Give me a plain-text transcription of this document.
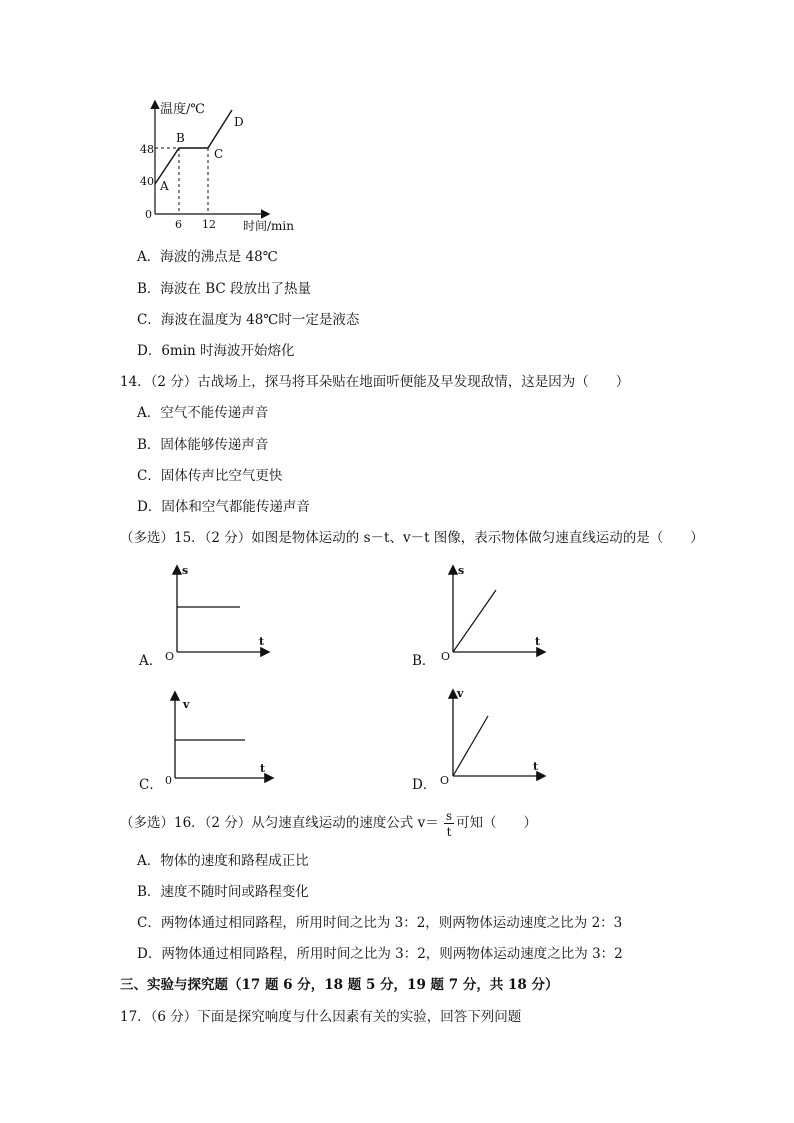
温度/℃
48
40
0
6 12 时间/min
A
B
C
D
A．海波的沸点是 48℃
B．海波在 BC 段放出了热量
C．海波在温度为 48℃时一定是液态
D．6min 时海波开始熔化
14．（2 分）古战场上，探马将耳朵贴在地面听便能及早发现敌情，这是因为（　　）
A．空气不能传递声音
B．固体能够传递声音
C．固体传声比空气更快
D．固体和空气都能传递声音
（多选）15．（2 分）如图是物体运动的 s－t、v－t 图像，表示物体做匀速直线运动的是（　　）
A．
s
t
O	B．
s
t
O
C．
v
t
0	D．
v
t
O
（多选）16．（2 分）从匀速直线运动的速度公式 v＝ s
t
可知（　　）
A．物体的速度和路程成正比
B．速度不随时间或路程变化
C．两物体通过相同路程，所用时间之比为 3：2，则两物体运动速度之比为 2：3
D．两物体通过相同路程，所用时间之比为 3：2，则两物体运动速度之比为 3：2
三、实验与探究题（17 题 6 分，18 题 5 分，19 题 7 分，共 18 分）
17．（6 分）下面是探究响度与什么因素有关的实验，回答下列问题
